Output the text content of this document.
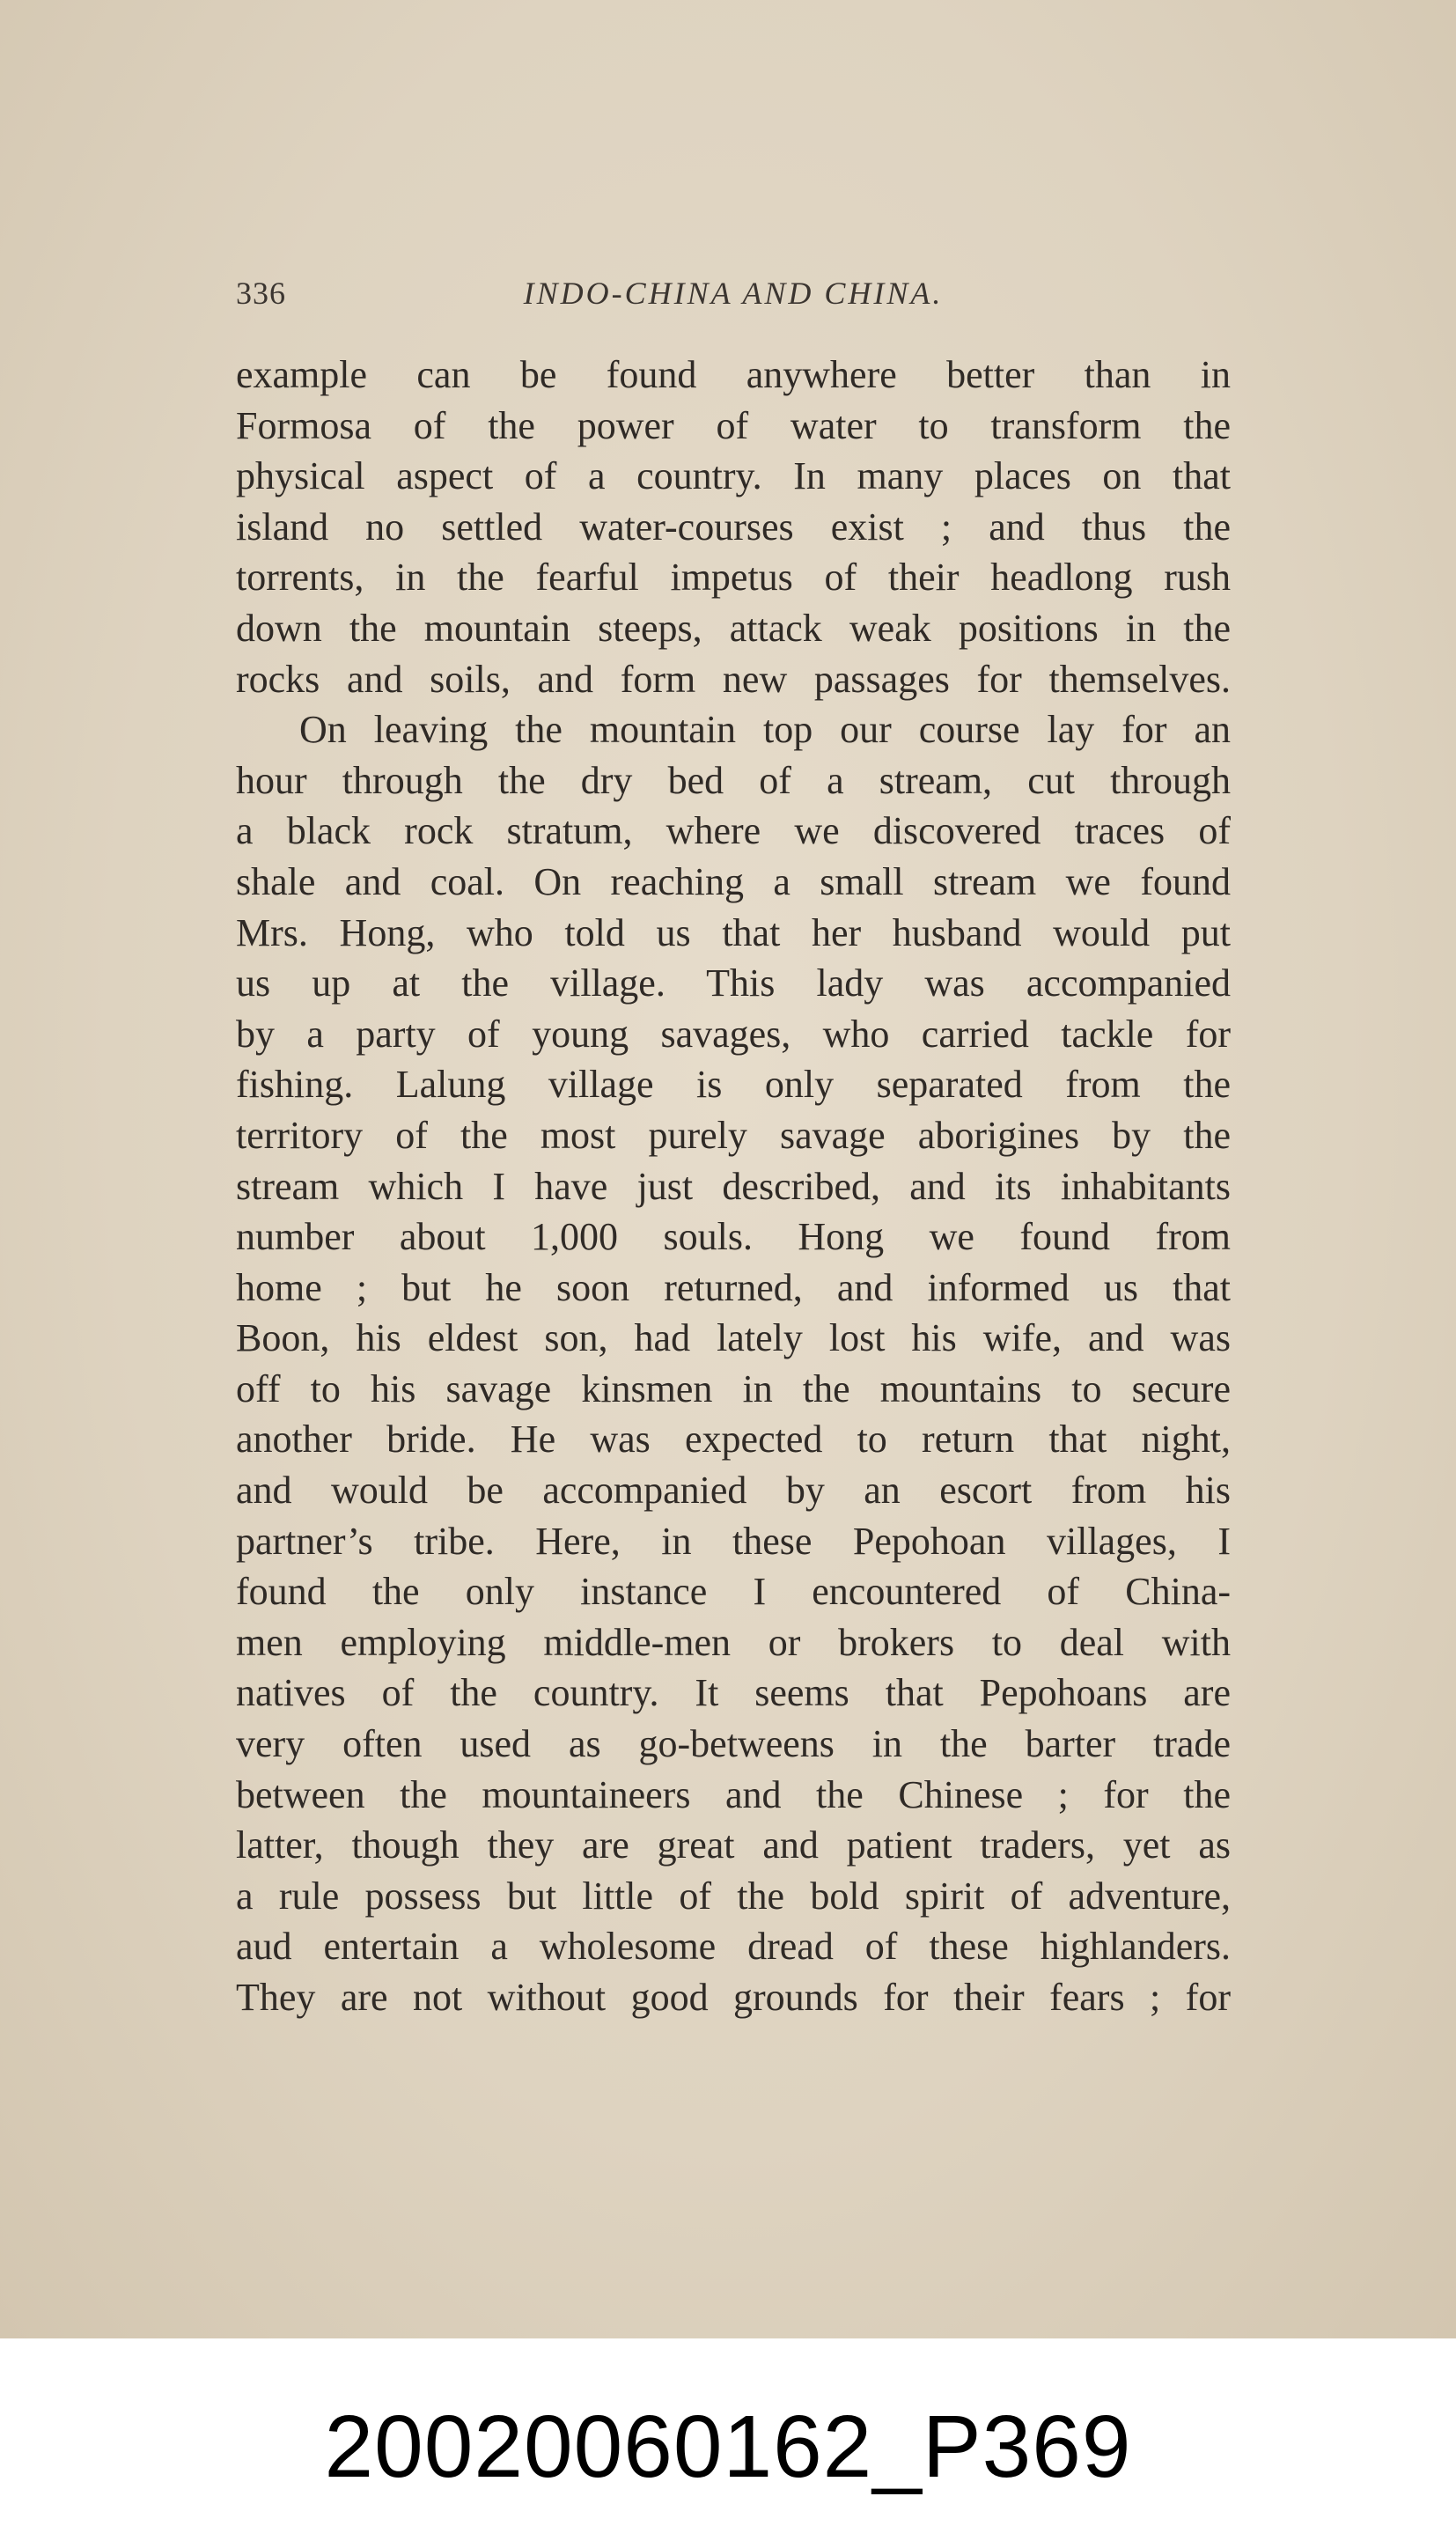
336	INDO-CHINA AND CHINA.
example can be found anywhere better than in
Formosa of the power of water to transform the
physical aspect of a country. In many places on that
island no settled water-courses exist ; and thus the
torrents, in the fearful impetus of their headlong rush
down the mountain steeps, attack weak positions in the
rocks and soils, and form new passages for themselves.
On leaving the mountain top our course lay for an
hour through the dry bed of a stream, cut through
a black rock stratum, where we discovered traces of
shale and coal. On reaching a small stream we found
Mrs. Hong, who told us that her husband would put
us up at the village. This lady was accompanied
by a party of young savages, who carried tackle for
fishing. Lalung village is only separated from the
territory of the most purely savage aborigines by the
stream which I have just described, and its inhabitants
number about 1,000 souls. Hong we found from
home ; but he soon returned, and informed us that
Boon, his eldest son, had lately lost his wife, and was
off to his savage kinsmen in the mountains to secure
another bride. He was expected to return that night,
and would be accompanied by an escort from his
partner’s tribe. Here, in these Pepohoan villages, I
found the only instance I encountered of China-
men employing middle-men or brokers to deal with
natives of the country. It seems that Pepohoans are
very often used as go-betweens in the barter trade
between the mountaineers and the Chinese ; for the
latter, though they are great and patient traders, yet as
a rule possess but little of the bold spirit of adventure,
aud entertain a wholesome dread of these highlanders.
They are not without good grounds for their fears ; for
20020060162_P369
